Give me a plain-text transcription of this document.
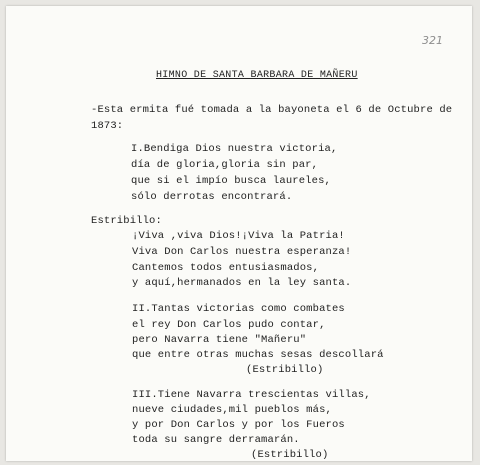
321
HIMNO DE SANTA BARBARA DE MAÑERU
-Esta ermita fué tomada a la bayoneta el 6 de Octubre de
1873:
I.Bendiga Dios nuestra victoria,
día de gloria,gloria sin par,
que si el impío busca laureles,
sólo derrotas encontrará.
Estribillo:
¡Viva ,viva Dios!¡Viva la Patria!
Viva Don Carlos nuestra esperanza!
Cantemos todos entusiasmados,
y aquí,hermanados en la ley santa.
II.Tantas victorias como combates
el rey Don Carlos pudo contar,
pero Navarra tiene "Mañeru"
que entre otras muchas sesas descollará
(Estribillo)
III.Tiene Navarra trescientas villas,
nueve ciudades,mil pueblos más,
y por Don Carlos y por los Fueros
toda su sangre derramarán.
(Estribillo)
